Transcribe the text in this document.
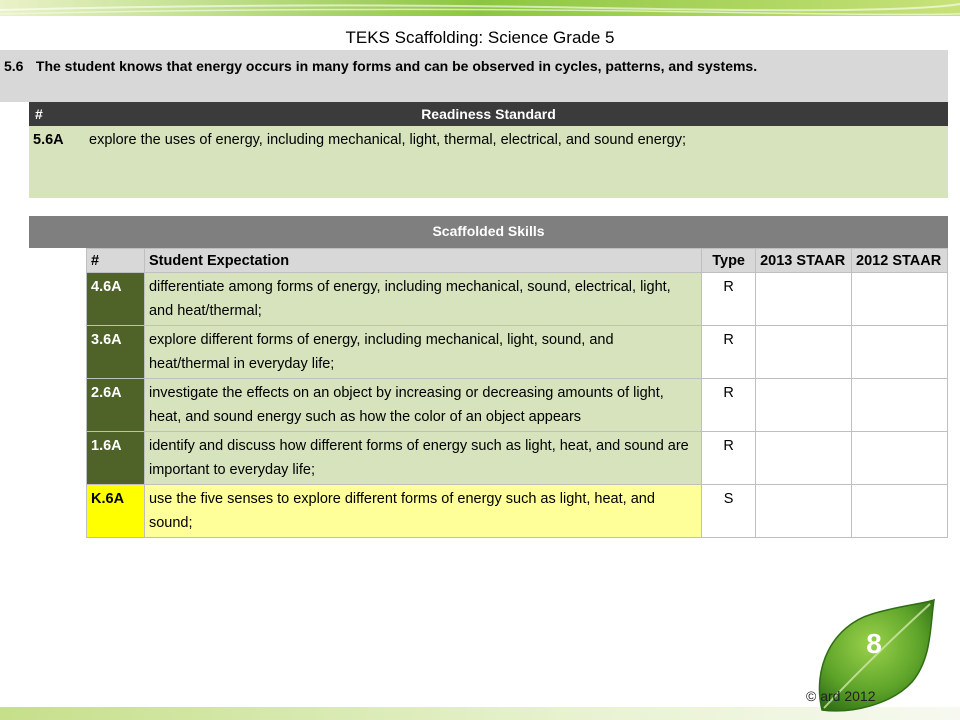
TEKS Scaffolding: Science Grade 5
5.6 The student knows that energy occurs in many forms and can be observed in cycles, patterns, and systems.
#	Readiness Standard
5.6A explore the uses of energy, including mechanical, light, thermal, electrical, and sound energy;
Scaffolded Skills
#	Student Expectation	Type	2013 STAAR	2012 STAAR
4.6A	differentiate among forms of energy, including mechanical, sound, electrical, light, and heat/thermal;	R		
3.6A	explore different forms of energy, including mechanical, light, sound, and heat/thermal in everyday life;	R		
2.6A	investigate the effects on an object by increasing or decreasing amounts of light, heat, and sound energy such as how the color of an object appears	R		
1.6A	identify and discuss how different forms of energy such as light, heat, and sound are important to everyday life;	R		
K.6A	use the five senses to explore different forms of energy such as light, heat, and sound;	S		
8
© ard 2012
